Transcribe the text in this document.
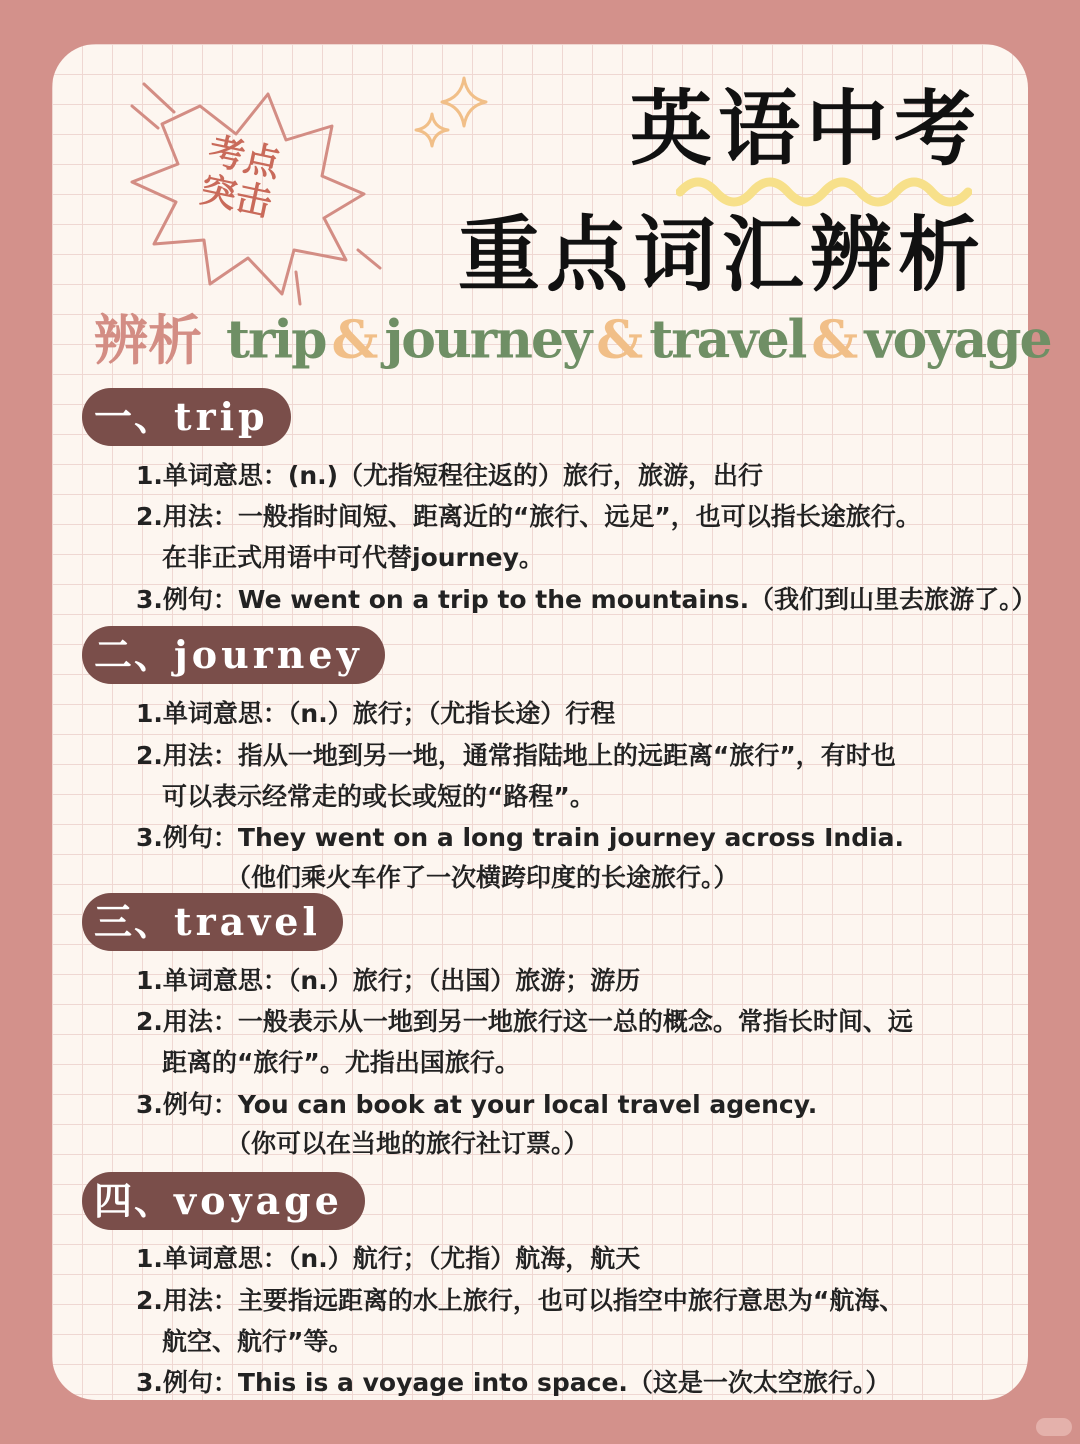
考点
突击
英语中考
重点词汇辨析
辨析 trip & journey & travel & voyage
一、trip
1.单词意思：(n.)（尤指短程往返的）旅行，旅游，出行
2.用法：一般指时间短、距离近的“旅行、远足”，也可以指长途旅行。
在非正式用语中可代替journey。
3.例句：We went on a trip to the mountains.（我们到山里去旅游了。）
二、journey
1.单词意思：（n.）旅行；（尤指长途）行程
2.用法：指从一地到另一地，通常指陆地上的远距离“旅行”，有时也
可以表示经常走的或长或短的“路程”。
3.例句：They went on a long train journey across India.
（他们乘火车作了一次横跨印度的长途旅行。）
三、travel
1.单词意思：（n.）旅行；（出国）旅游；游历
2.用法：一般表示从一地到另一地旅行这一总的概念。常指长时间、远
距离的“旅行”。尤指出国旅行。
3.例句：You can book at your local travel agency.
（你可以在当地的旅行社订票。）
四、voyage
1.单词意思：（n.）航行；（尤指）航海，航天
2.用法：主要指远距离的水上旅行，也可以指空中旅行意思为“航海、
航空、航行”等。
3.例句：This is a voyage into space.（这是一次太空旅行。）
